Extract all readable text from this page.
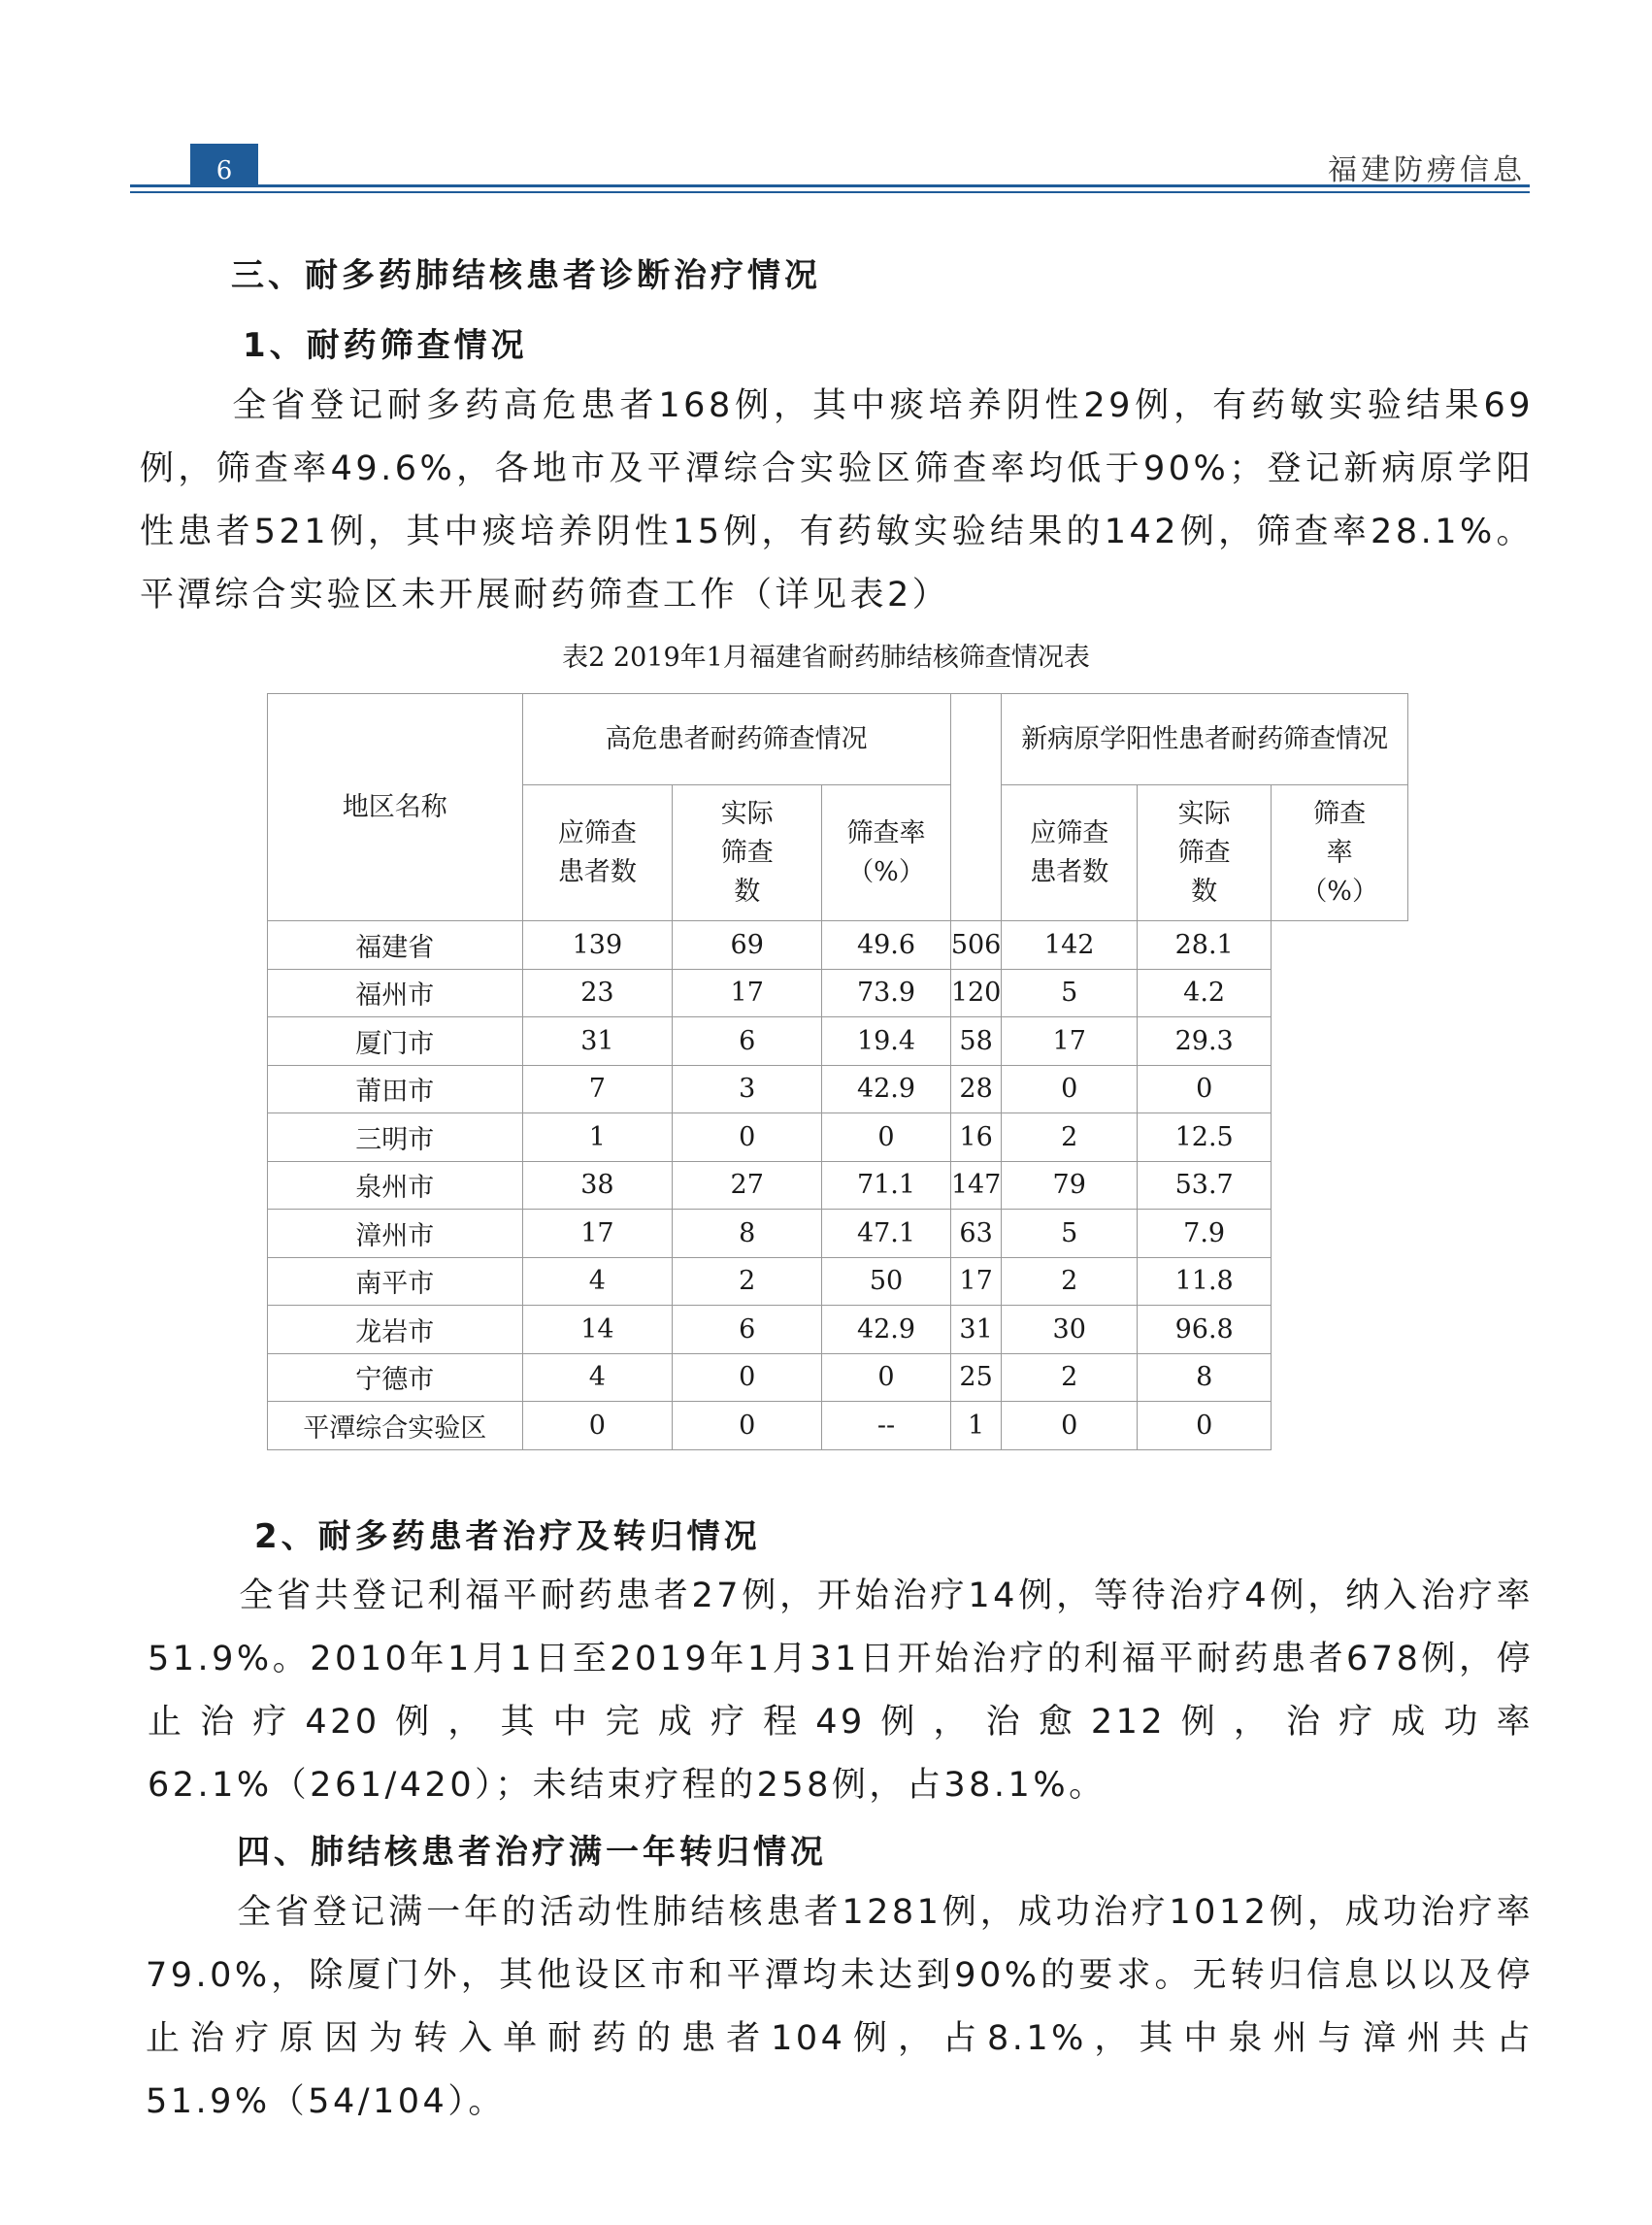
6	福建防痨信息
三、耐多药肺结核患者诊断治疗情况
1、耐药筛查情况

全省登记耐多药高危患者168例，其中痰培养阴性29例，有药敏实验结果69例，筛查率49.6%，各地市及平潭综合实验区筛查率均低于90%；登记新病原学阳性患者521例，其中痰培养阴性15例，有药敏实验结果的142例，筛查率28.1%。平潭综合实验区未开展耐药筛查工作（详见表2）

表2 2019年1月福建省耐药肺结核筛查情况表
地区名称	高危患者耐药筛查情况				新病原学阳性患者耐药筛查情况		
	应筛查患者数	实际筛查数	筛查率（%）		应筛查患者数	实际筛查数	筛查率（%）
福建省	139	69	49.6	506	142	28.1	
福州市	23	17	73.9	120	5	4.2	
厦门市	31	6	19.4	58	17	29.3	
莆田市	7	3	42.9	28	0	0	
三明市	1	0	0	16	2	12.5	
泉州市	38	27	71.1	147	79	53.7	
漳州市	17	8	47.1	63	5	7.9	
南平市	4	2	50	17	2	11.8	
龙岩市	14	6	42.9	31	30	96.8	
宁德市	4	0	0	25	2	8	
平潭综合实验区	0	0	--	1	0	0	
2、耐多药患者治疗及转归情况

全省共登记利福平耐药患者27例，开始治疗14例，等待治疗4例，纳入治疗率51.9%。2010年1月1日至2019年1月31日开始治疗的利福平耐药患者678例，停止治疗420例，其中完成疗程49例，治愈212例，治疗成功率62.1%（261/420）；未结束疗程的258例，占38.1%。

四、肺结核患者治疗满一年转归情况

全省登记满一年的活动性肺结核患者1281例，成功治疗1012例，成功治疗率79.0%，除厦门外，其他设区市和平潭均未达到90%的要求。无转归信息以以及停止治疗原因为转入单耐药的患者104例，占8.1%，其中泉州与漳州共占51.9%（54/104）。
